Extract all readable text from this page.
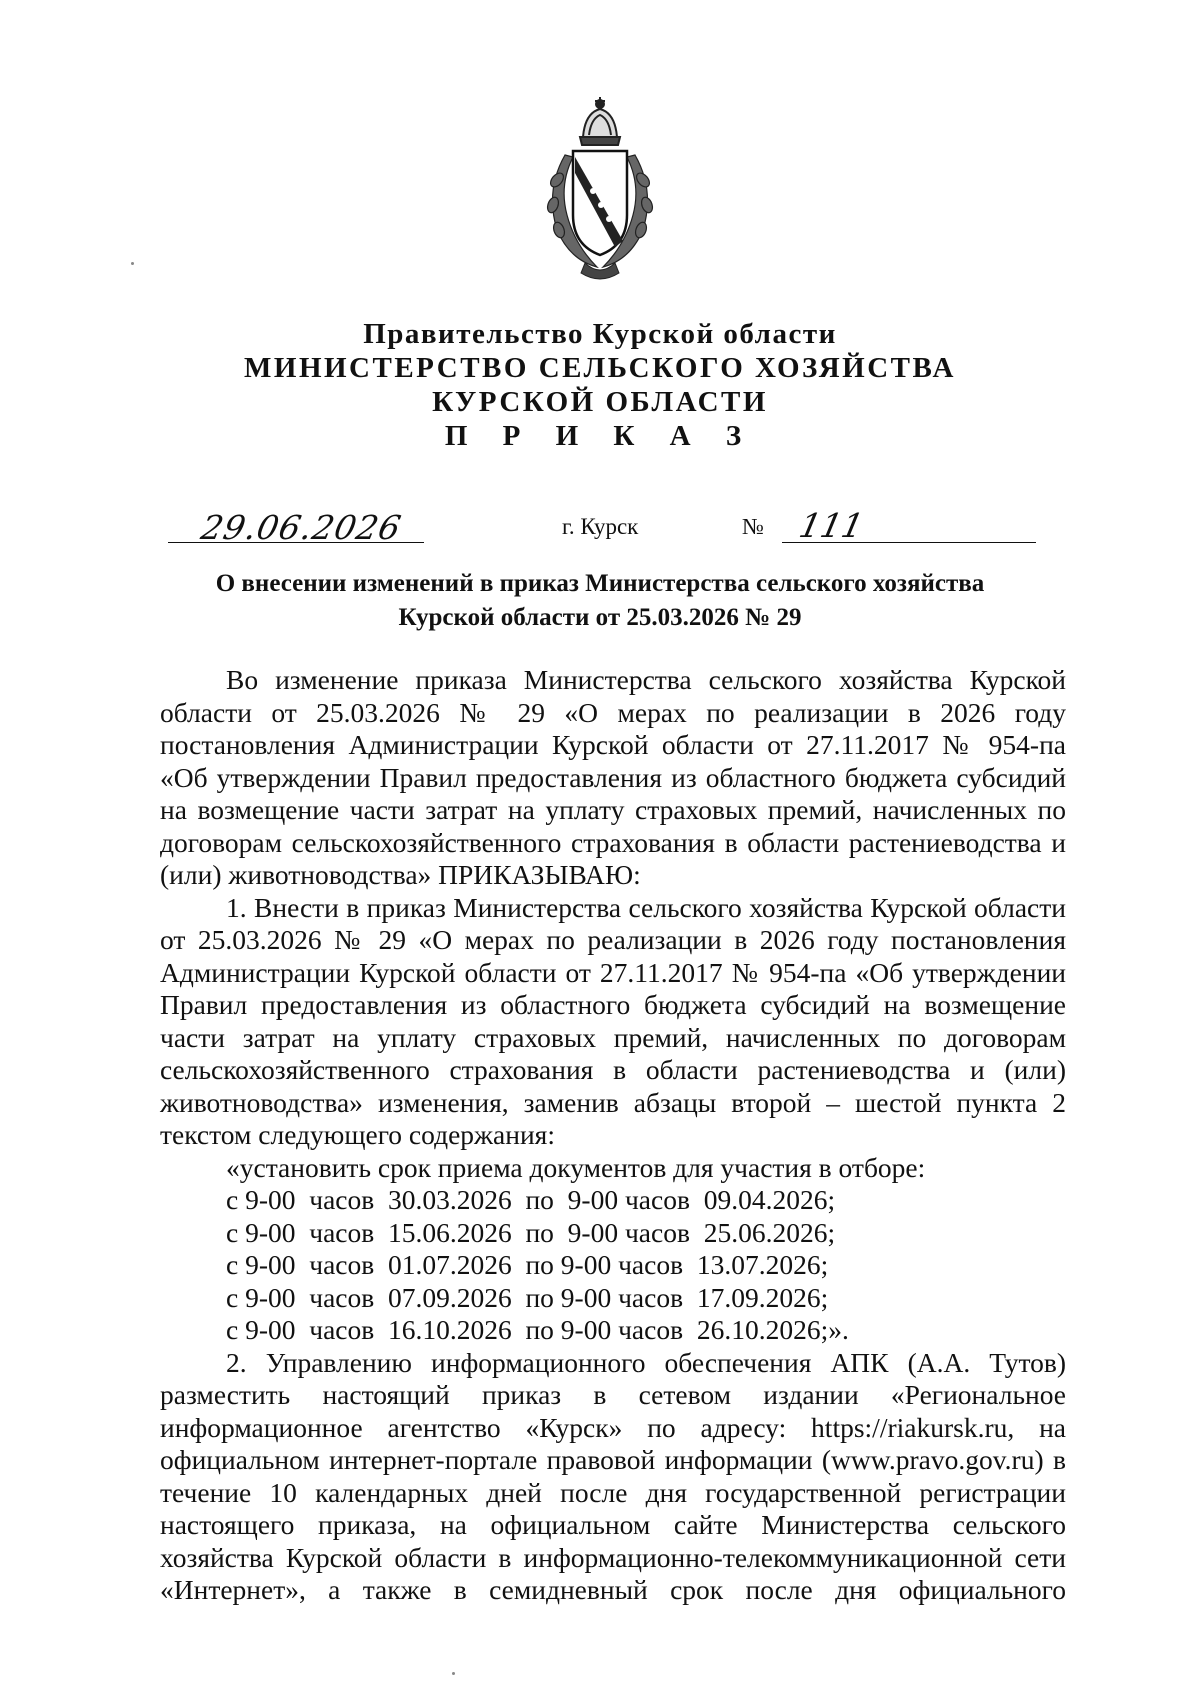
Правительство Курской области
МИНИСТЕРСТВО СЕЛЬСКОГО ХОЗЯЙСТВА
КУРСКОЙ ОБЛАСТИ
П Р И К А З
29.06.2026	г. Курск	№ 111
О внесении изменений в приказ Министерства сельского хозяйства
Курской области от 25.03.2026 № 29

Во изменение приказа Министерства сельского хозяйства Курской области от 25.03.2026 № 29 «О мерах по реализации в 2026 году постановления Администрации Курской области от 27.11.2017 № 954-па «Об утверждении Правил предоставления из областного бюджета субсидий на возмещение части затрат на уплату страховых премий, начисленных по договорам сельскохозяйственного страхования в области растениеводства и (или) животноводства» ПРИКАЗЫВАЮ:

1. Внести в приказ Министерства сельского хозяйства Курской области от 25.03.2026 № 29 «О мерах по реализации в 2026 году постановления Администрации Курской области от 27.11.2017 № 954-па «Об утверждении Правил предоставления из областного бюджета субсидий на возмещение части затрат на уплату страховых премий, начисленных по договорам сельскохозяйственного страхования в области растениеводства и (или) животноводства» изменения, заменив абзацы второй – шестой пункта 2 текстом следующего содержания:

«установить срок приема документов для участия в отборе:
с 9-00  часов  30.03.2026  по  9-00 часов  09.04.2026;
с 9-00  часов  15.06.2026  по  9-00 часов  25.06.2026;
с 9-00  часов  01.07.2026  по 9-00 часов  13.07.2026;
с 9-00  часов  07.09.2026  по 9-00 часов  17.09.2026;
с 9-00  часов  16.10.2026  по 9-00 часов  26.10.2026;».

2. Управлению информационного обеспечения АПК (А.А. Тутов) разместить настоящий приказ в сетевом издании «Региональное информационное агентство «Курск» по адресу: https://riakursk.ru, на официальном интернет-портале правовой информации (www.pravo.gov.ru) в течение 10 календарных дней после дня государственной регистрации настоящего приказа, на официальном сайте Министерства сельского хозяйства Курской области в информационно-телекоммуникационной сети «Интернет», а также в семидневный срок после дня официального
